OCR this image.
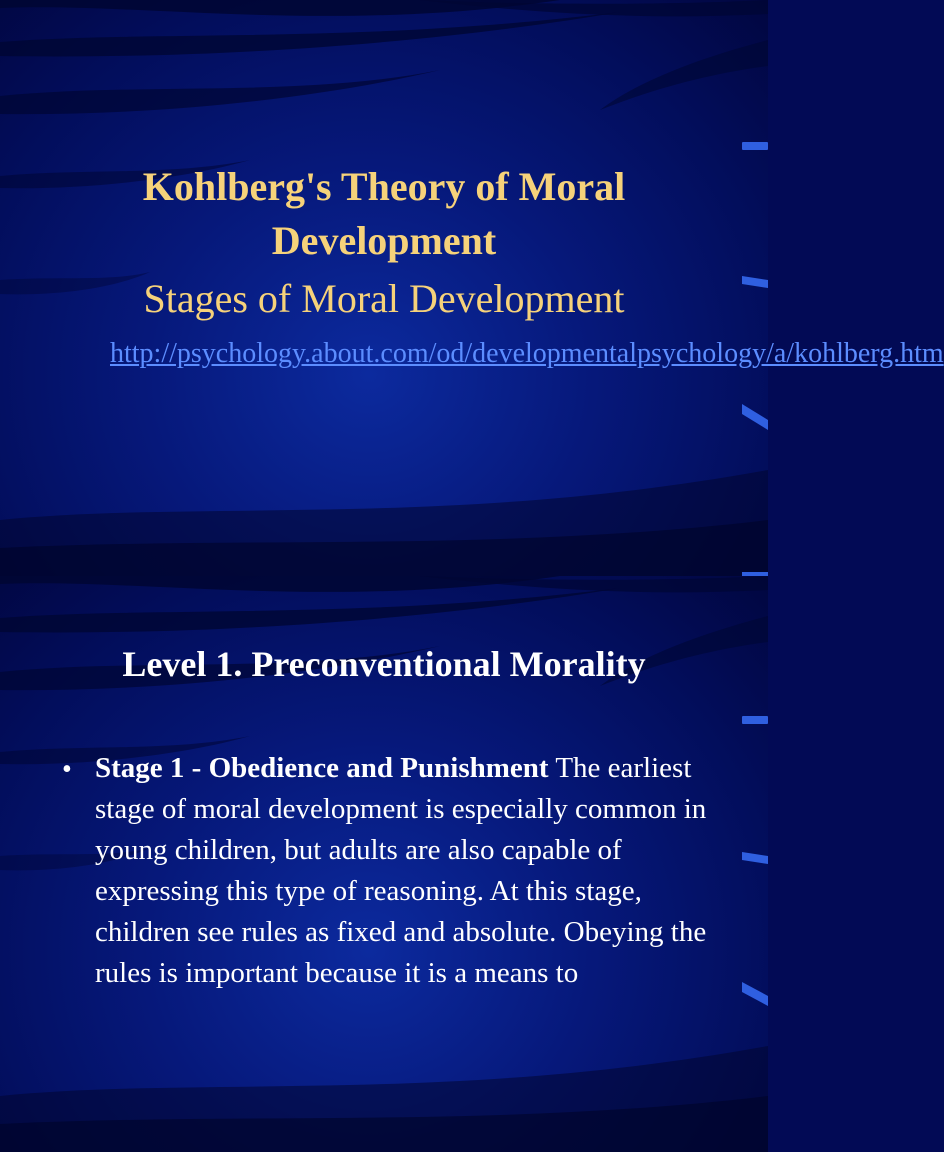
Kohlberg's Theory of Moral Development
Stages of Moral Development
http://psychology.about.com/od/developmentalpsychology/a/kohlberg.htm
Level 1. Preconventional Morality
• Stage 1 - Obedience and Punishment The earliest stage of moral development is especially common in young children, but adults are also capable of expressing this type of reasoning. At this stage, children see rules as fixed and absolute. Obeying the rules is important because it is a means to
